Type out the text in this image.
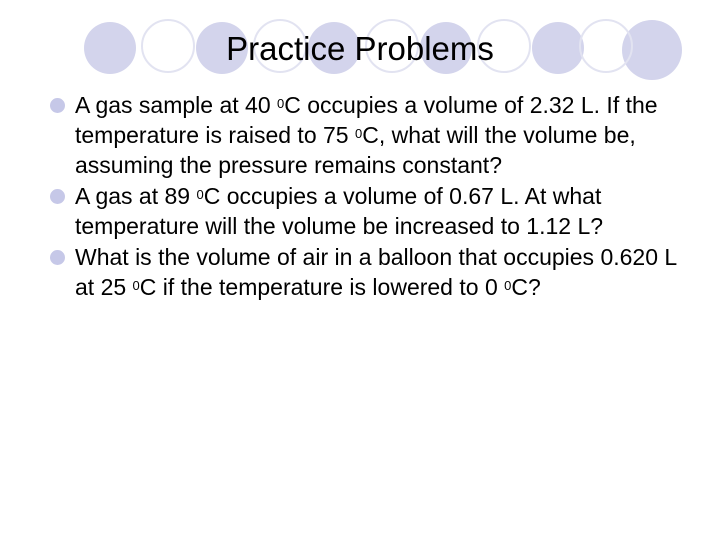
Practice Problems
A gas sample at 40 $^0$C occupies a volume of 2.32 L. If the temperature is raised to 75 $^0$C, what will the volume be, assuming the pressure remains constant?
A gas at 89 $^0$C occupies a volume of 0.67 L. At what temperature will the volume be increased to 1.12 L?
What is the volume of air in a balloon that occupies 0.620 L at 25 $^0$C if the temperature is lowered to 0 $^0$C?
